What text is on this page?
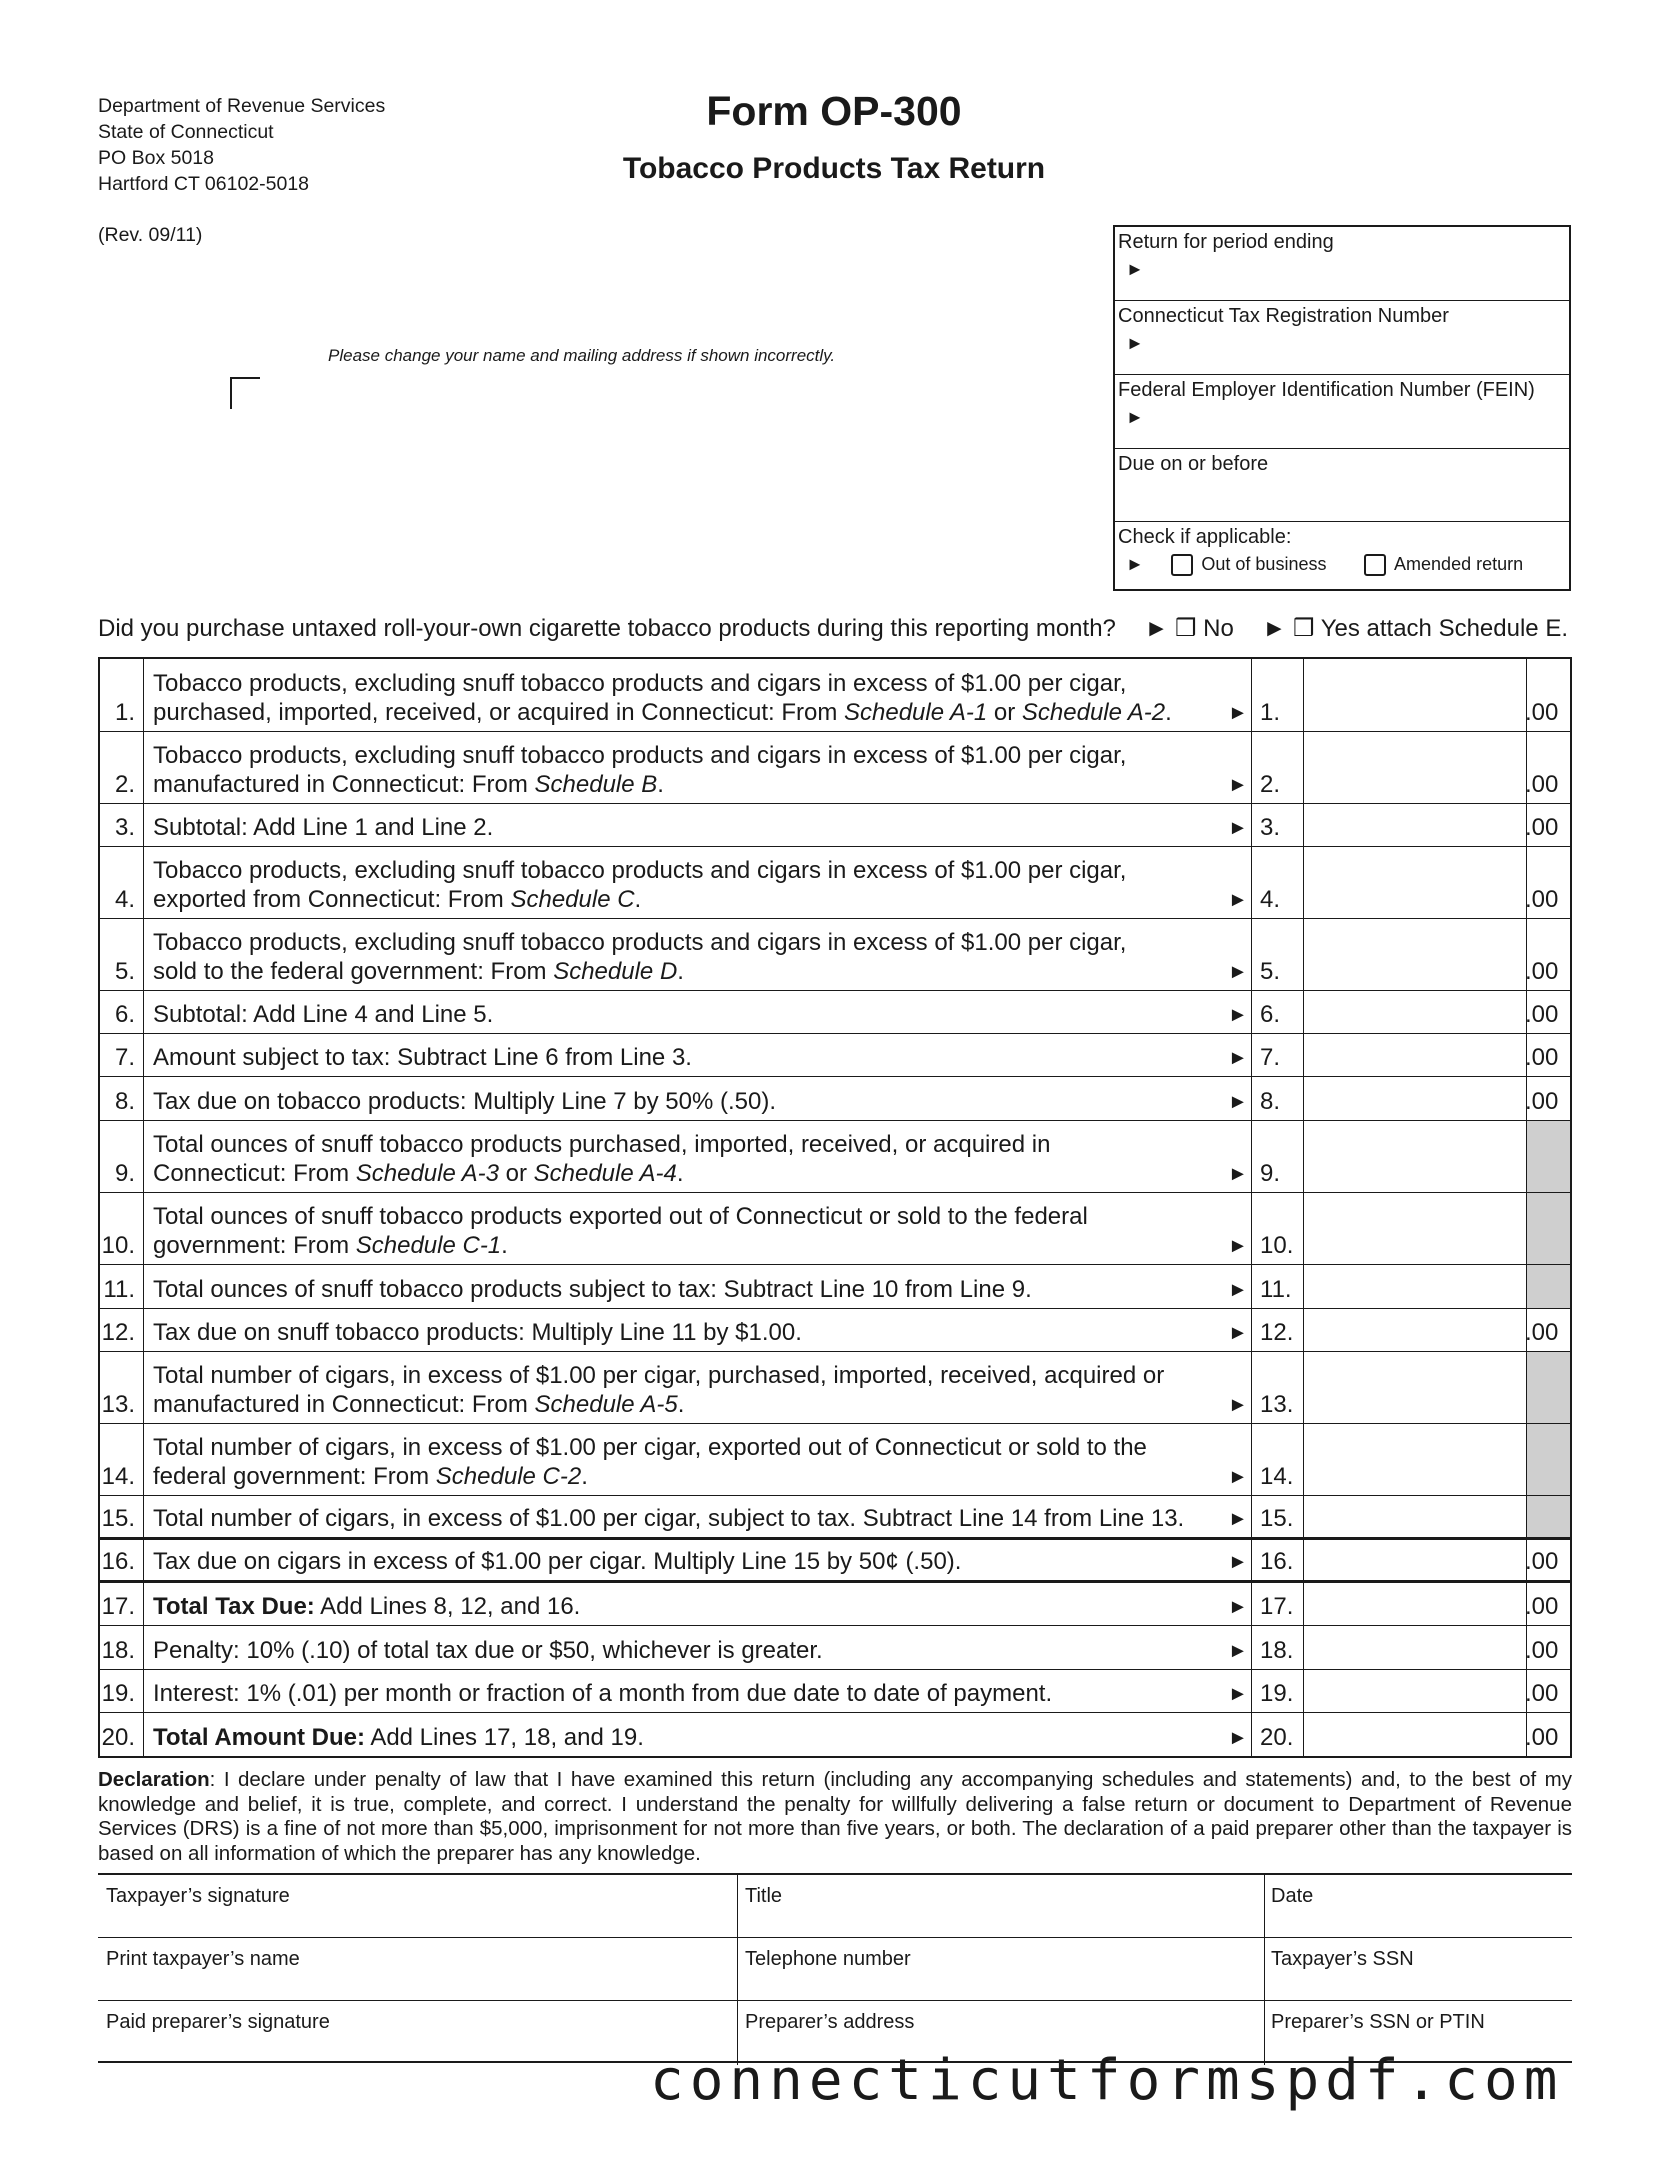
Department of Revenue Services
State of Connecticut
PO Box 5018
Hartford CT 06102-5018
Form OP-300
Tobacco Products Tax Return
(Rev. 09/11)
Please change your name and mailing address if shown incorrectly.
Return for period ending
►
Connecticut Tax Registration Number
►
Federal Employer Identification Number (FEIN)
►
Due on or before
Check if applicable:
►	Out of business	Amended return
Did you purchase untaxed roll-your-own cigarette tobacco products during this reporting month? ► ❒ No ► ❒ Yes attach Schedule E.
1.
Tobacco products, excluding snuff tobacco products and cigars in excess of $1.00 per cigar,
purchased, imported, received, or acquired in Connecticut: From Schedule A-1 or Schedule A-2.	► 1.	.00
2.
Tobacco products, excluding snuff tobacco products and cigars in excess of $1.00 per cigar,
manufactured in Connecticut: From Schedule B.	► 2.	.00
3. Subtotal: Add Line 1 and Line 2.	► 3.	.00
4.
Tobacco products, excluding snuff tobacco products and cigars in excess of $1.00 per cigar,
exported from Connecticut: From Schedule C.	► 4.	.00
5.
Tobacco products, excluding snuff tobacco products and cigars in excess of $1.00 per cigar,
sold to the federal government: From Schedule D.	► 5.	.00
6. Subtotal: Add Line 4 and Line 5.	► 6.	.00
7. Amount subject to tax: Subtract Line 6 from Line 3.	► 7.	.00
8. Tax due on tobacco products: Multiply Line 7 by 50% (.50).	► 8.	.00
9.
Total ounces of snuff tobacco products purchased, imported, received, or acquired in
Connecticut: From Schedule A-3 or Schedule A-4.	► 9.
10.
Total ounces of snuff tobacco products exported out of Connecticut or sold to the federal
government: From Schedule C-1.	► 10.
11. Total ounces of snuff tobacco products subject to tax: Subtract Line 10 from Line 9.	► 11.
12. Tax due on snuff tobacco products: Multiply Line 11 by $1.00.	► 12.	.00
13.
Total number of cigars, in excess of $1.00 per cigar, purchased, imported, received, acquired or
manufactured in Connecticut: From Schedule A-5.	► 13.
14.
Total number of cigars, in excess of $1.00 per cigar, exported out of Connecticut or sold to the
federal government: From Schedule C-2.	► 14.
15. Total number of cigars, in excess of $1.00 per cigar, subject to tax. Subtract Line 14 from Line 13.	► 15.
16. Tax due on cigars in excess of $1.00 per cigar. Multiply Line 15 by 50¢ (.50).	► 16.	.00
17. Total Tax Due: Add Lines 8, 12, and 16.	► 17.	.00
18. Penalty: 10% (.10) of total tax due or $50, whichever is greater.	► 18.	.00
19. Interest: 1% (.01) per month or fraction of a month from due date to date of payment.	► 19.	.00
20. Total Amount Due: Add Lines 17, 18, and 19.	► 20.	.00
Declaration: I declare under penalty of law that I have examined this return (including any accompanying schedules and statements) and, to the best of my knowledge and belief, it is true, complete, and correct. I understand the penalty for willfully delivering a false return or document to Department of Revenue Services (DRS) is a fine of not more than $5,000, imprisonment for not more than five years, or both. The declaration of a paid preparer other than the taxpayer is based on all information of which the preparer has any knowledge.
Taxpayer’s signature	Title	Date
Print taxpayer’s name	Telephone number	Taxpayer’s SSN
Paid preparer’s signature	Preparer’s address	Preparer’s SSN or PTIN
connecticutformspdf.com
